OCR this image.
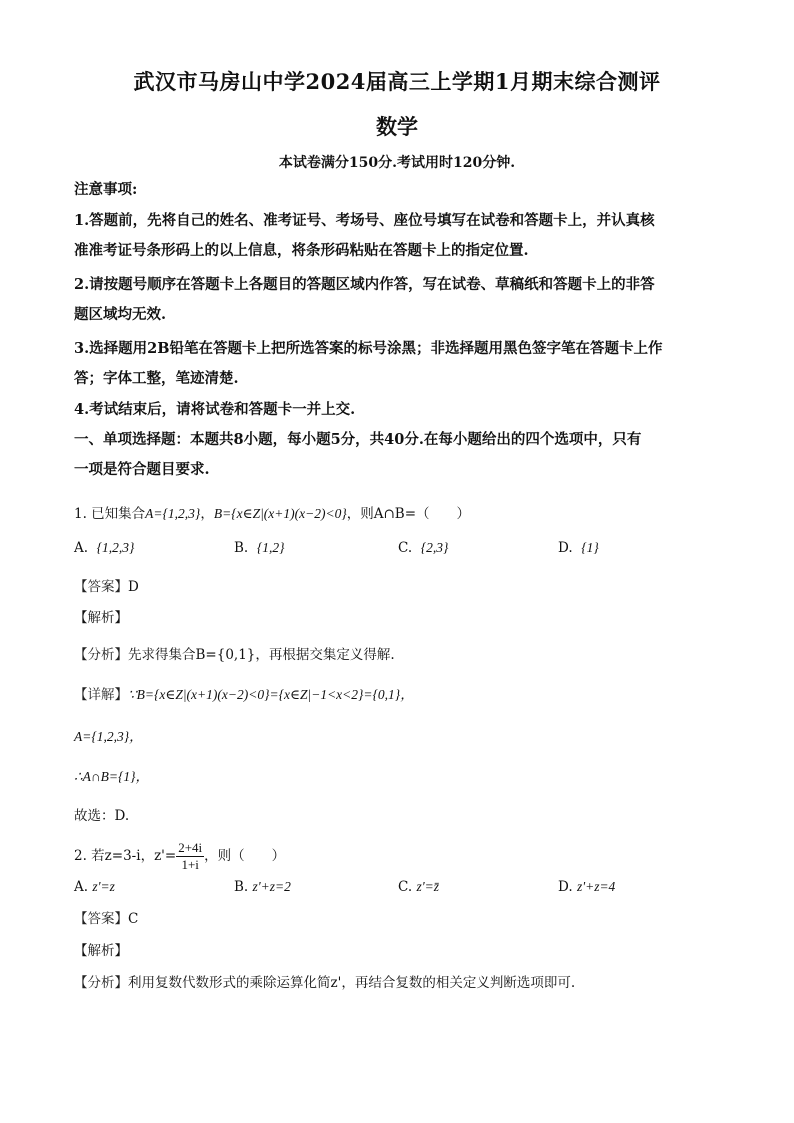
武汉市马房山中学2024届高三上学期1月期末综合测评
数学
本试卷满分150分.考试用时120分钟.
注意事项:
1.答题前，先将自己的姓名、准考证号、考场号、座位号填写在试卷和答题卡上，并认真核
准准考证号条形码上的以上信息，将条形码粘贴在答题卡上的指定位置.
2.请按题号顺序在答题卡上各题目的答题区域内作答，写在试卷、草稿纸和答题卡上的非答
题区域均无效.
3.选择题用2B铅笔在答题卡上把所选答案的标号涂黑；非选择题用黑色签字笔在答题卡上作
答；字体工整，笔迹清楚.
4.考试结束后，请将试卷和答题卡一并上交.
一、单项选择题：本题共8小题，每小题5分，共40分.在每小题给出的四个选项中，只有
一项是符合题目要求.
1. 已知集合A={1,2,3}，B={x∈Z|(x+1)(x−2)<0}，则A∩B=（　　）
A. {1,2,3}	B. {1,2}	C. {2,3}	D. {1}
【答案】D
【解析】
【分析】先求得集合B={0,1}，再根据交集定义得解.
【详解】∵B={x∈Z|(x+1)(x−2)<0}={x∈Z|−1<x<2}={0,1}，
A={1,2,3}，
∴A∩B={1}，
故选：D.
2. 若z=3-i，$z'= \frac{2+4i}{1+i}$ ，则（　　）
A. z'=z	B. z'+z=2	C. z'=z̄	D. z'+z=4
【答案】C
【解析】
【分析】利用复数代数形式的乘除运算化简z'，再结合复数的相关定义判断选项即可.
